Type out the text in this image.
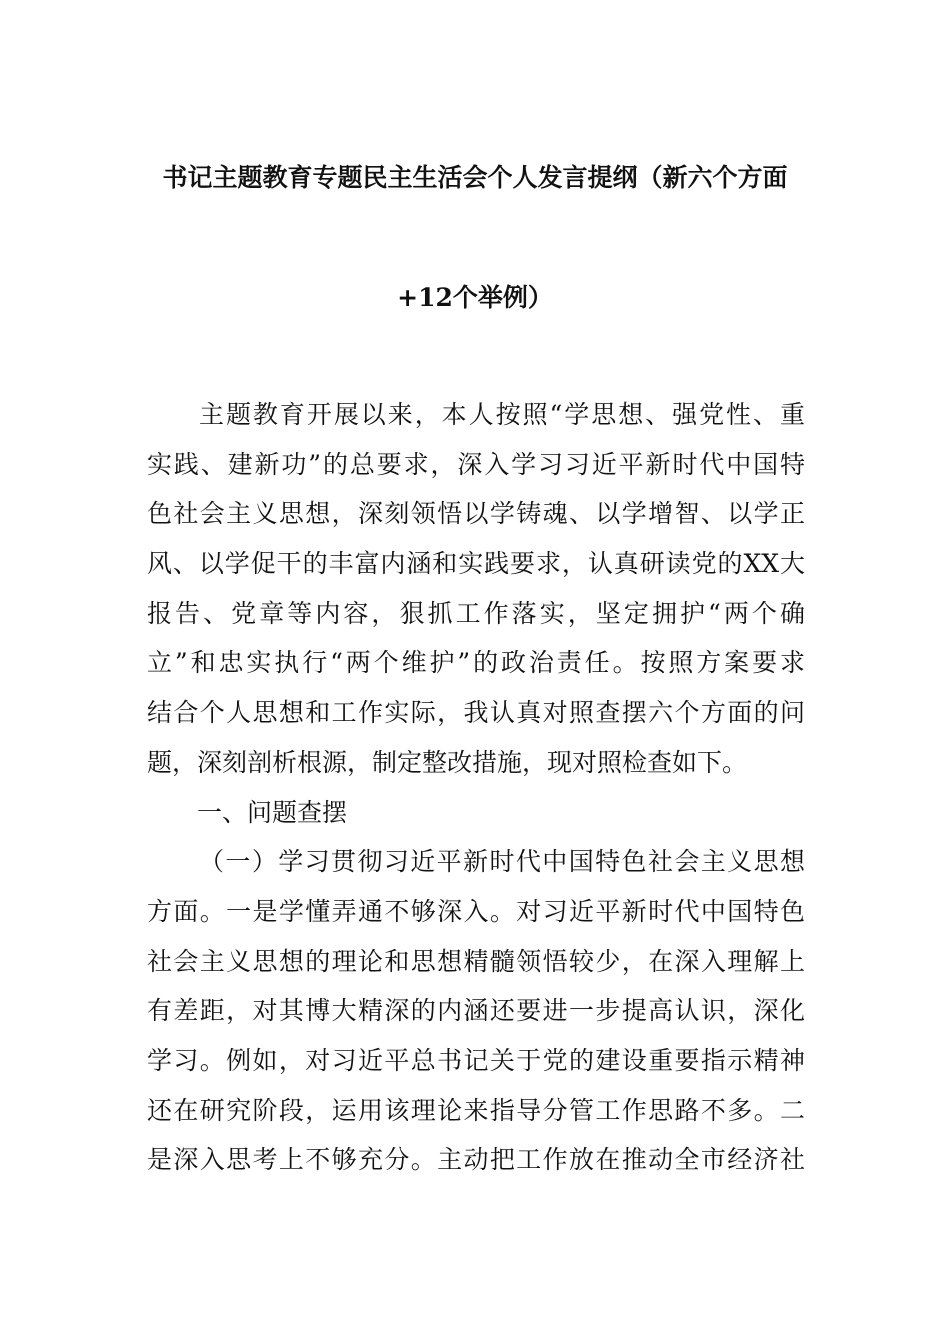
书记主题教育专题民主生活会个人发言提纲（新六个方面
+12个举例）
主题教育开展以来，本人按照“学思想、强党性、重
实践、建新功”的总要求，深入学习习近平新时代中国特
色社会主义思想，深刻领悟以学铸魂、以学增智、以学正
风、以学促干的丰富内涵和实践要求，认真研读党的XX大
报告、党章等内容，狠抓工作落实，坚定拥护“两个确
立”和忠实执行“两个维护”的政治责任。按照方案要求
结合个人思想和工作实际，我认真对照查摆六个方面的问
题，深刻剖析根源，制定整改措施，现对照检查如下。
一、问题查摆
（一）学习贯彻习近平新时代中国特色社会主义思想
方面。一是学懂弄通不够深入。对习近平新时代中国特色
社会主义思想的理论和思想精髓领悟较少，在深入理解上
有差距，对其博大精深的内涵还要进一步提高认识，深化
学习。例如，对习近平总书记关于党的建设重要指示精神
还在研究阶段，运用该理论来指导分管工作思路不多。二
是深入思考上不够充分。主动把工作放在推动全市经济社
